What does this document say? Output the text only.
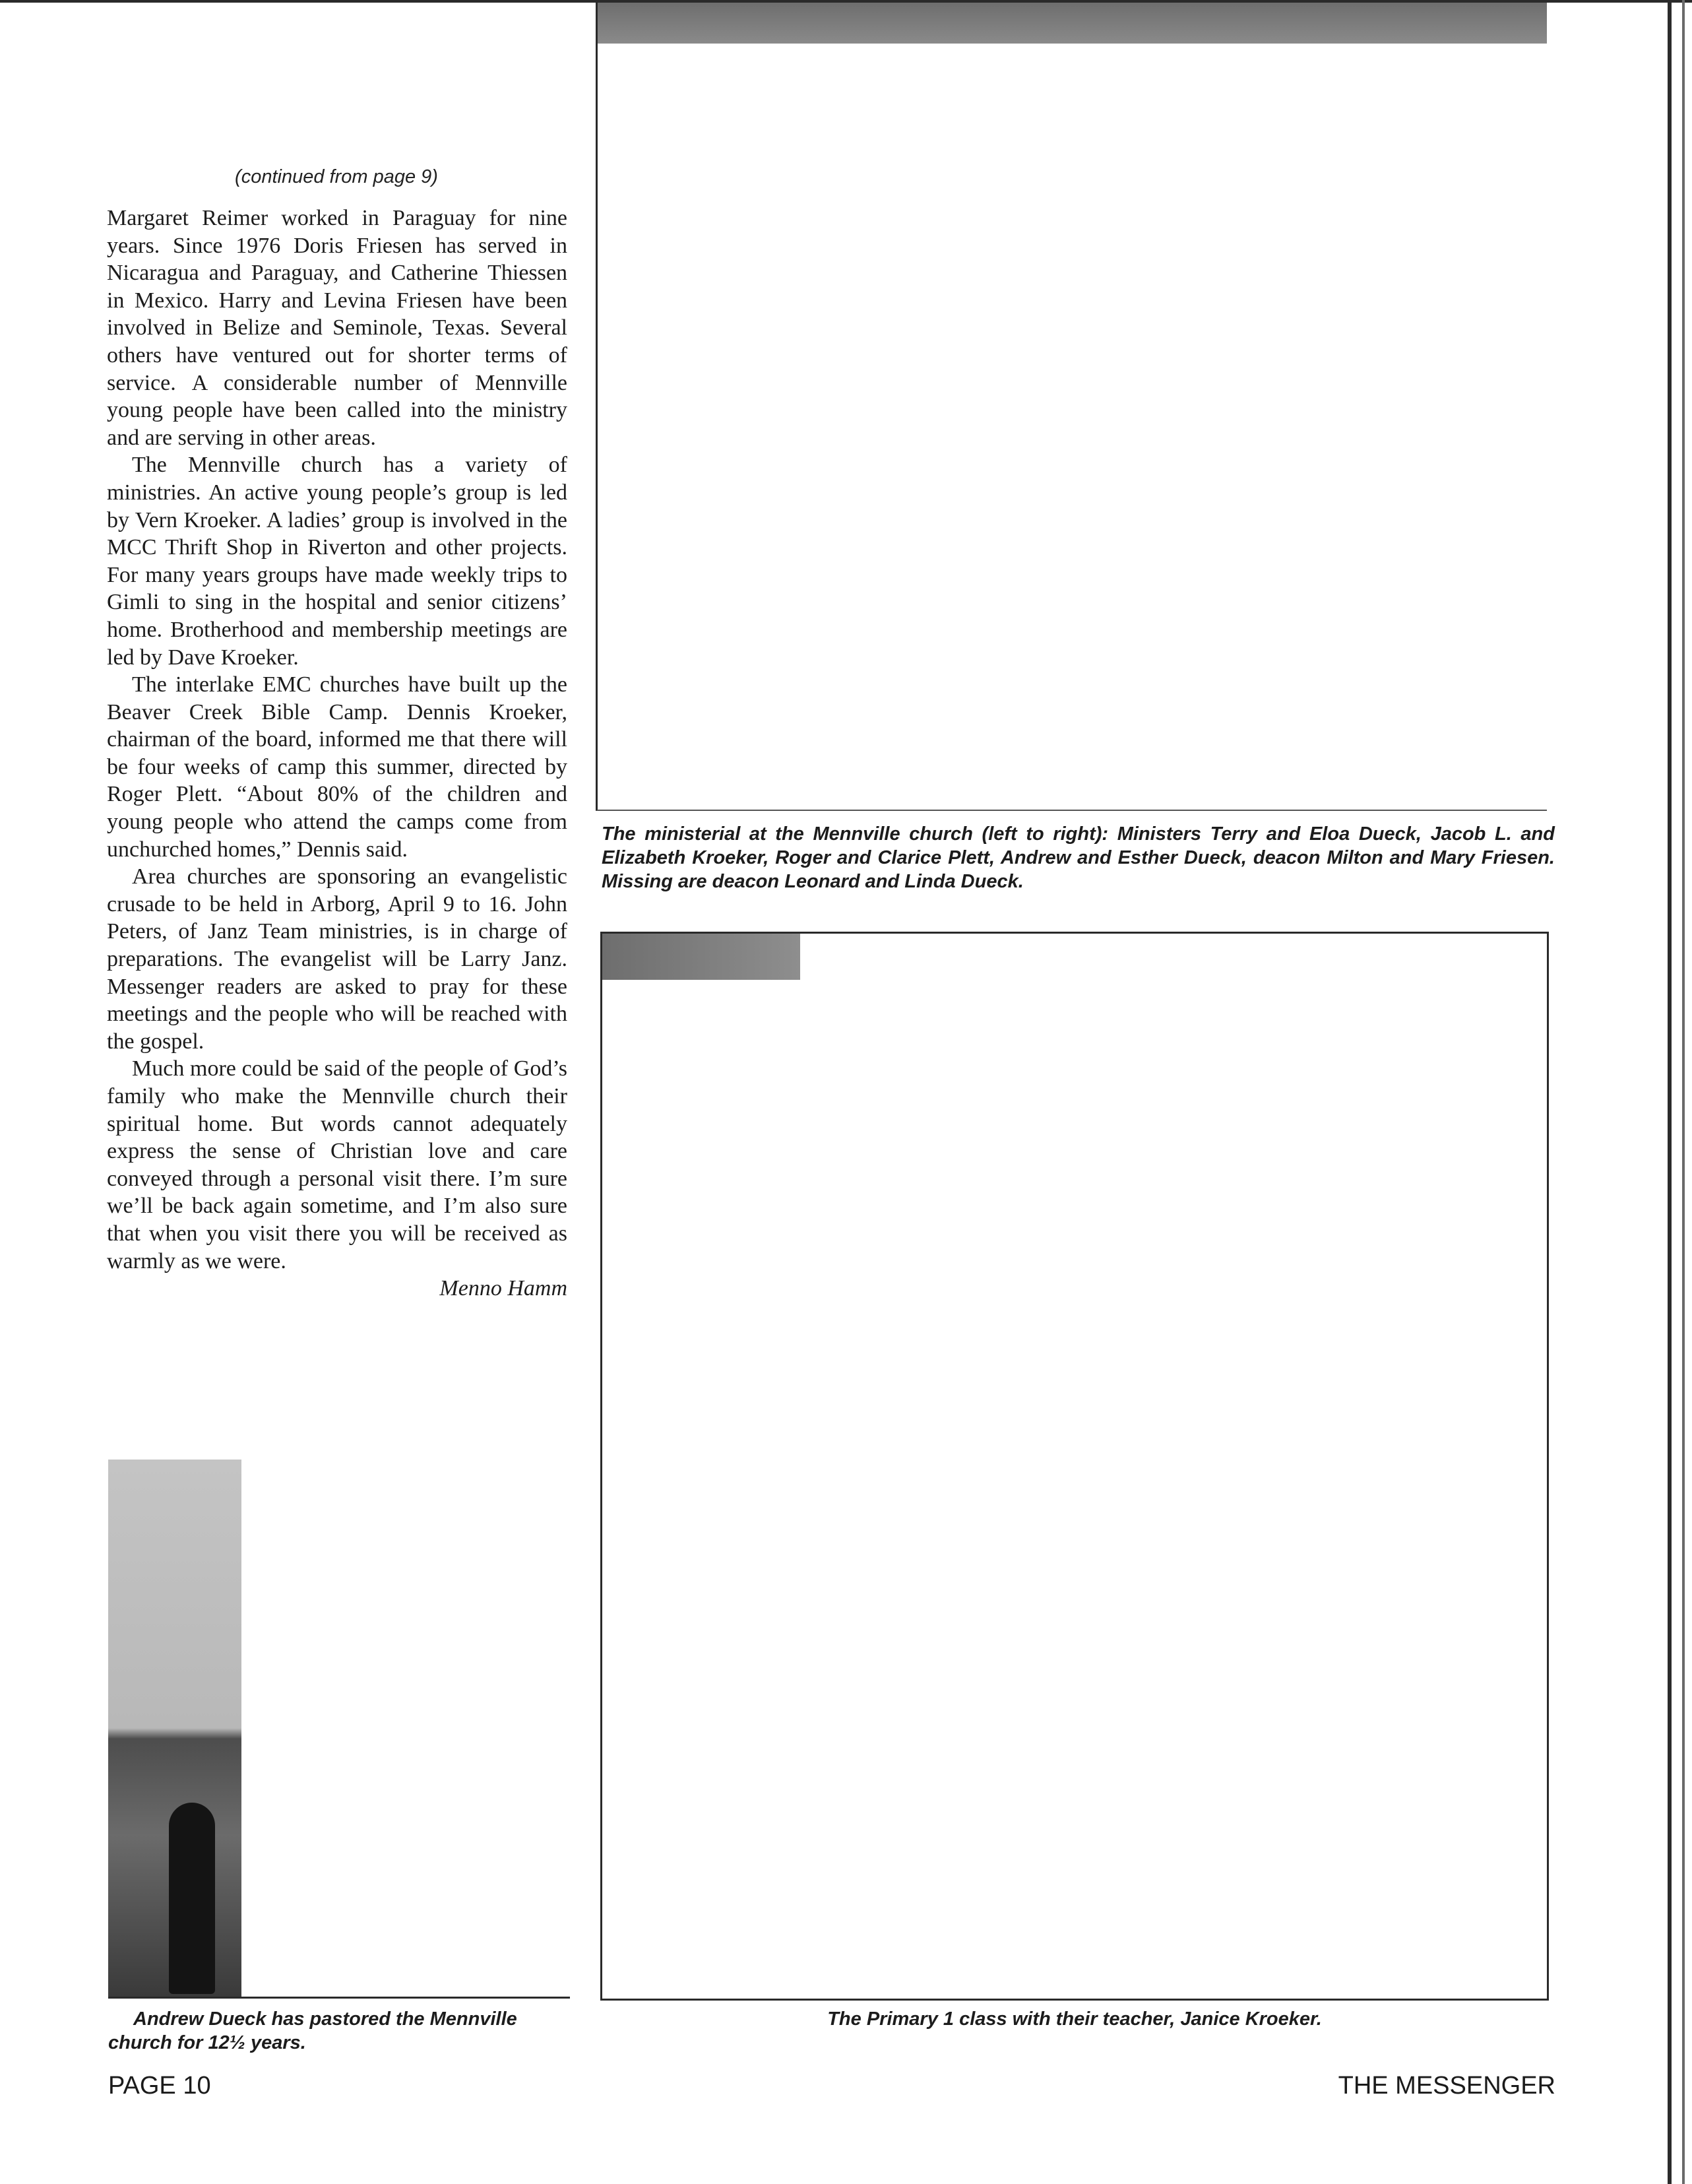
(continued from page 9)

Margaret Reimer worked in Paraguay for nine years. Since 1976 Doris Friesen has served in Nicaragua and Paraguay, and Catherine Thiessen in Mexico. Harry and Levina Friesen have been involved in Belize and Seminole, Texas. Several others have ventured out for shorter terms of service. A considerable number of Mennville young people have been called into the ministry and are serving in other areas.

The Mennville church has a variety of ministries. An active young people’s group is led by Vern Kroeker. A ladies’ group is involved in the MCC Thrift Shop in Riverton and other projects. For many years groups have made weekly trips to Gimli to sing in the hospital and senior citizens’ home. Brotherhood and membership meetings are led by Dave Kroeker.

The interlake EMC churches have built up the Beaver Creek Bible Camp. Dennis Kroeker, chairman of the board, informed me that there will be four weeks of camp this summer, directed by Roger Plett. “About 80% of the children and young people who attend the camps come from unchurched homes,” Dennis said.

Area churches are sponsoring an evangelistic crusade to be held in Arborg, April 9 to 16. John Peters, of Janz Team ministries, is in charge of preparations. The evangelist will be Larry Janz. Messenger readers are asked to pray for these meetings and the people who will be reached with the gospel.

Much more could be said of the people of God’s family who make the Mennville church their spiritual home. But words cannot adequately express the sense of Christian love and care conveyed through a personal visit there. I’m sure we’ll be back again sometime, and I’m also sure that when you visit there you will be received as warmly as we were.

Menno Hamm

The ministerial at the Mennville church (left to right): Ministers Terry and Eloa Dueck, Jacob L. and Elizabeth Kroeker, Roger and Clarice Plett, Andrew and Esther Dueck, deacon Milton and Mary Friesen. Missing are deacon Leonard and Linda Dueck.
The Primary 1 class with their teacher, Janice Kroeker.
Andrew Dueck has pastored the Mennville church for 12½ years.
PAGE 10	THE MESSENGER
